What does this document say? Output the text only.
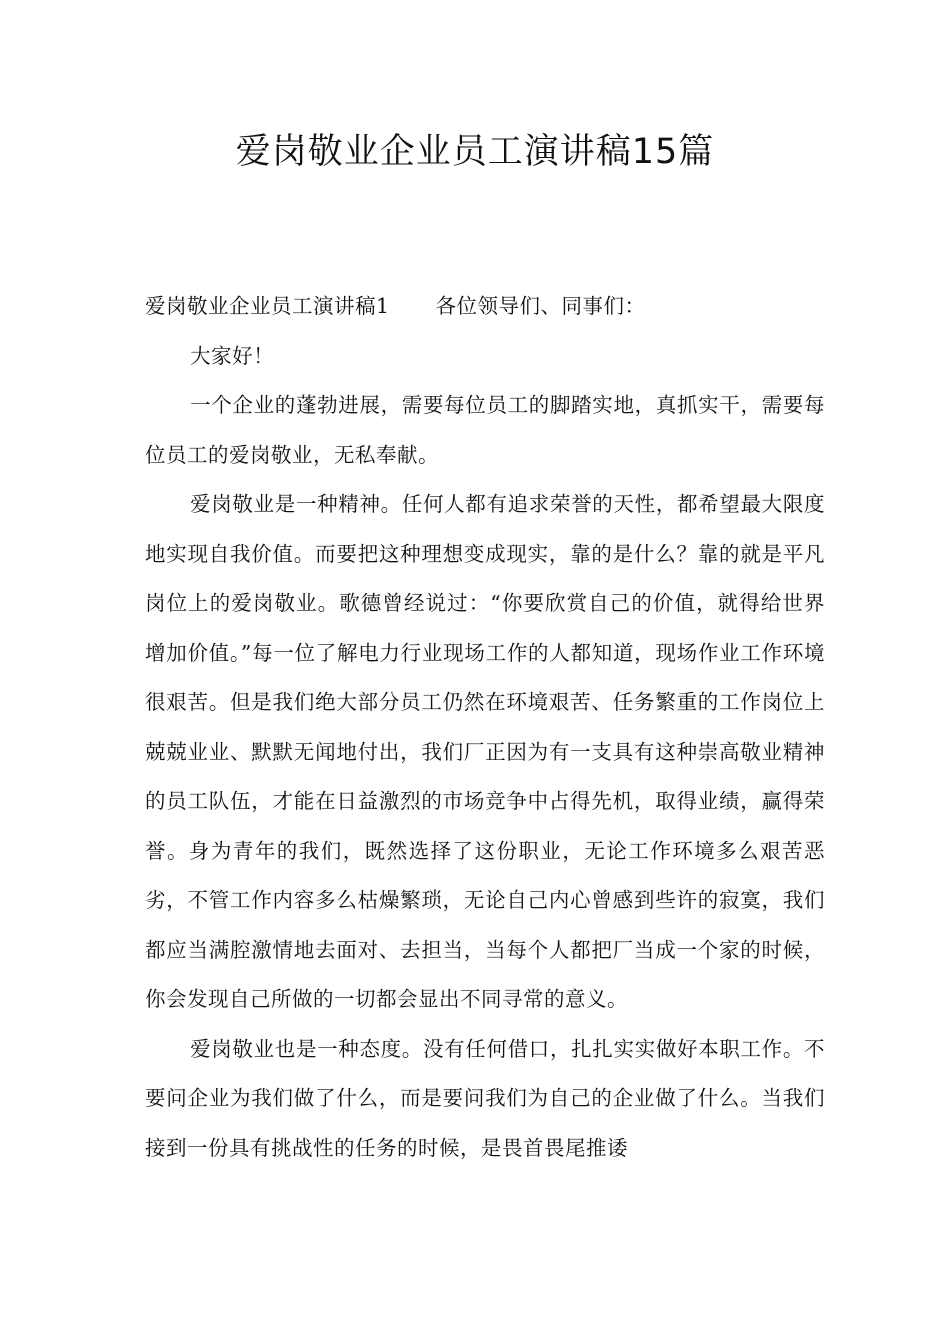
爱岗敬业企业员工演讲稿15篇

爱岗敬业企业员工演讲稿1 各位领导们、同事们：

大家好！

一个企业的蓬勃进展，需要每位员工的脚踏实地，真抓实干，需要每位员工的爱岗敬业，无私奉献。

爱岗敬业是一种精神。任何人都有追求荣誉的天性，都希望最大限度地实现自我价值。而要把这种理想变成现实，靠的是什么？靠的就是平凡岗位上的爱岗敬业。歌德曾经说过：“你要欣赏自己的价值，就得给世界增加价值。”每一位了解电力行业现场工作的人都知道，现场作业工作环境很艰苦。但是我们绝大部分员工仍然在环境艰苦、任务繁重的工作岗位上兢兢业业、默默无闻地付出，我们厂正因为有一支具有这种崇高敬业精神的员工队伍，才能在日益激烈的市场竞争中占得先机，取得业绩，赢得荣誉。身为青年的我们，既然选择了这份职业，无论工作环境多么艰苦恶劣，不管工作内容多么枯燥繁琐，无论自己内心曾感到些许的寂寞，我们都应当满腔激情地去面对、去担当，当每个人都把厂当成一个家的时候，你会发现自己所做的一切都会显出不同寻常的意义。

爱岗敬业也是一种态度。没有任何借口，扎扎实实做好本职工作。不要问企业为我们做了什么，而是要问我们为自己的企业做了什么。当我们接到一份具有挑战性的任务的时候，是畏首畏尾推诿
